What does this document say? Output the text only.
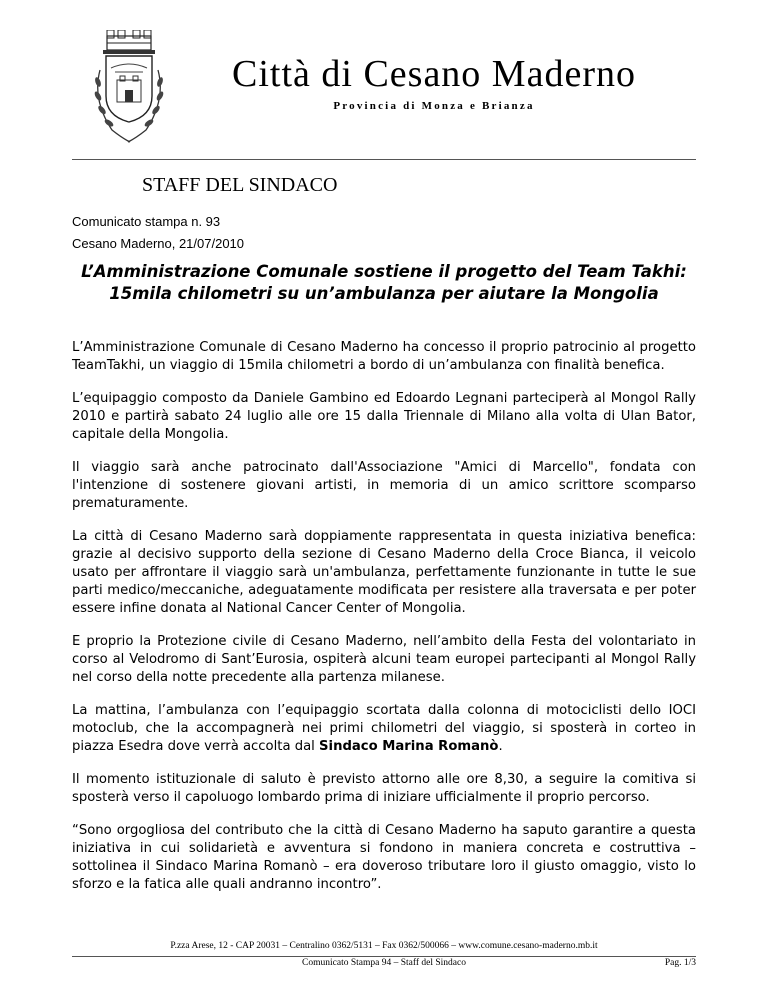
Città di Cesano Maderno
Provincia di Monza e Brianza
STAFF DEL SINDACO
Comunicato stampa n. 93
Cesano Maderno, 21/07/2010
L’Amministrazione Comunale sostiene il progetto del Team Takhi:
15mila chilometri su un’ambulanza per aiutare la Mongolia

L’Amministrazione Comunale di Cesano Maderno ha concesso il proprio patrocinio al progetto TeamTakhi, un viaggio di 15mila chilometri a bordo di un’ambulanza con finalità benefica.

L’equipaggio composto da Daniele Gambino ed Edoardo Legnani parteciperà al Mongol Rally 2010 e partirà sabato 24 luglio alle ore 15 dalla Triennale di Milano alla volta di Ulan Bator, capitale della Mongolia.

Il viaggio sarà anche patrocinato dall'Associazione "Amici di Marcello", fondata con l'intenzione di sostenere giovani artisti, in memoria di un amico scrittore scomparso prematuramente.

La città di Cesano Maderno sarà doppiamente rappresentata in questa iniziativa benefica: grazie al decisivo supporto della sezione di Cesano Maderno della Croce Bianca, il veicolo usato per affrontare il viaggio sarà un'ambulanza, perfettamente funzionante in tutte le sue parti medico/meccaniche, adeguatamente modificata per resistere alla traversata e per poter essere infine donata al National Cancer Center of Mongolia.

E proprio la Protezione civile di Cesano Maderno, nell’ambito della Festa del volontariato in corso al Velodromo di Sant’Eurosia, ospiterà alcuni team europei partecipanti al Mongol Rally nel corso della notte precedente alla partenza milanese.

La mattina, l’ambulanza con l’equipaggio scortata dalla colonna di motociclisti dello IOCI motoclub, che la accompagnerà nei primi chilometri del viaggio, si sposterà in corteo in piazza Esedra dove verrà accolta dal Sindaco Marina Romanò.

Il momento istituzionale di saluto è previsto attorno alle ore 8,30, a seguire la comitiva si sposterà verso il capoluogo lombardo prima di iniziare ufficialmente il proprio percorso.

“Sono orgogliosa del contributo che la città di Cesano Maderno ha saputo garantire a questa iniziativa in cui solidarietà e avventura si fondono in maniera concreta e costruttiva – sottolinea il Sindaco Marina Romanò – era doveroso tributare loro il giusto omaggio, visto lo sforzo e la fatica alle quali andranno incontro”.

P.zza Arese, 12 - CAP 20031 – Centralino 0362/5131 – Fax 0362/500066 – www.comune.cesano-maderno.mb.it
Comunicato Stampa 94 – Staff del Sindaco	Pag. 1/3
